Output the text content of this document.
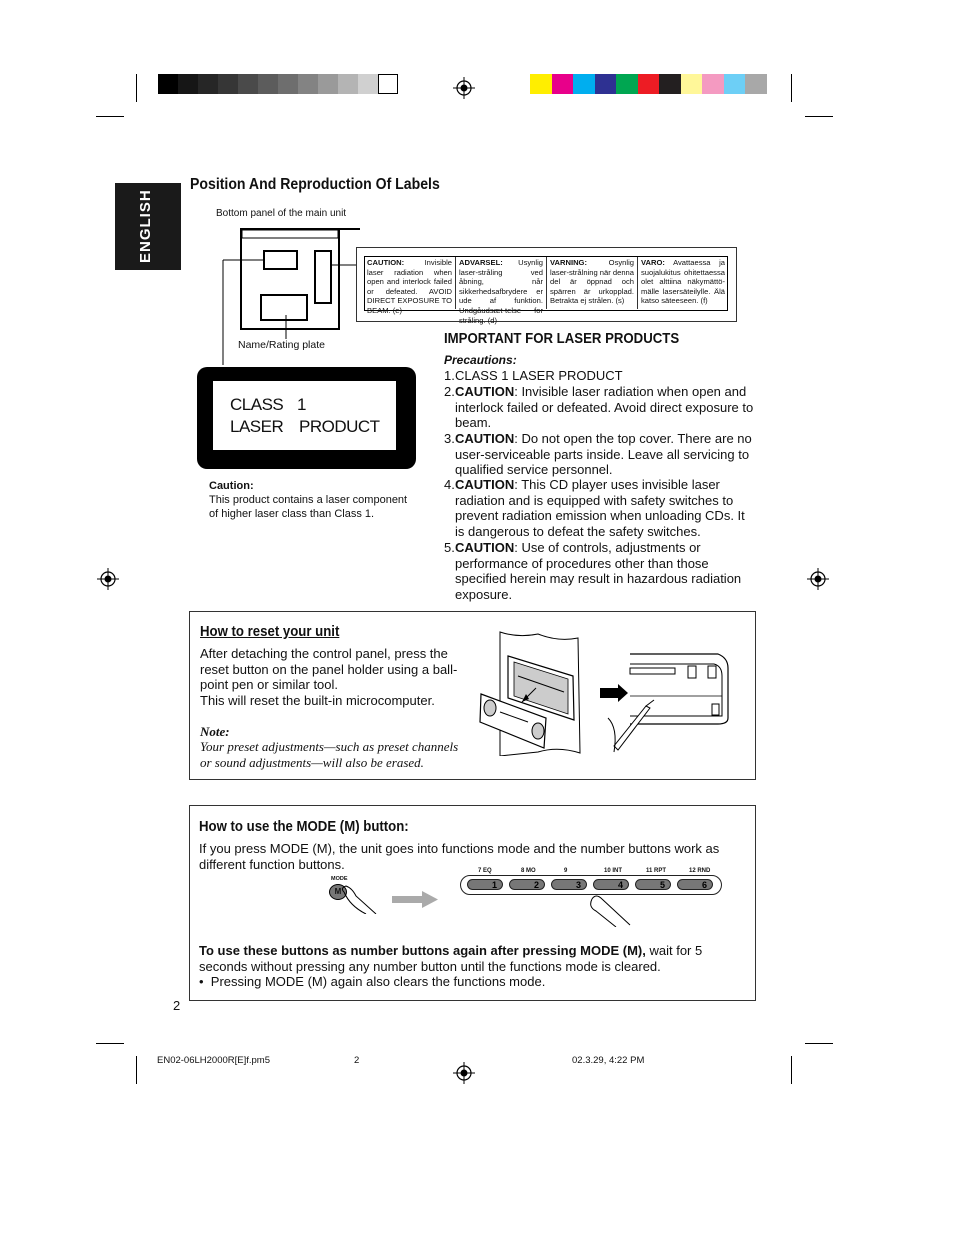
ENGLISH
Position And Reproduction Of Labels
Bottom panel of the main unit
Name/Rating plate
CAUTION:	Invisible laser radiation when open and interlock failed or defeated. AVOID DIRECT EXPOSURE TO BEAM. (e)
ADVARSEL: Usynlig laser-stråling ved åbning, når sikkerhedsafbrydere er ude af funktion. Undgåudsæt-telse for stråling. (d)
VARNING:	Osynlig laser-strålning när denna del är öppnad och spärren är urkopplad. Betrakta ej strålen. (s)
VARO: Avattaessa ja suojalukitus ohitettaessa olet alttiina näkymättö-mälle lasersäteilylle. Älä katso säteeseen. (f)
CLASS 1
LASER PRODUCT
Caution:
This product contains a laser component of higher laser class than Class 1.
IMPORTANT FOR LASER PRODUCTS
Precautions:
1. CLASS 1 LASER PRODUCT
2. CAUTION: Invisible laser radiation when open and interlock failed or defeated. Avoid direct exposure to beam.
3. CAUTION: Do not open the top cover. There are no user-serviceable parts inside. Leave all servicing to qualified service personnel.
4. CAUTION: This CD player uses invisible laser radiation and is equipped with safety switches to prevent radiation emission when unloading CDs. It is dangerous to defeat the safety switches.
5. CAUTION: Use of controls, adjustments or performance of procedures other than those specified herein may result in hazardous radiation exposure.
How to reset your unit
After detaching the control panel, press the reset button on the panel holder using a ball-point pen or similar tool.
This will reset the built-in microcomputer.
Note:
Your preset adjustments—such as preset channels or sound adjustments—will also be erased.
How to use the MODE (M) button:
If you press MODE (M), the unit goes into functions mode and the number buttons work as different function buttons.
MODE
M
7 EQ	8 MO	9	10 INT	11 RPT	12 RND
1	2	3	4	5	6
To use these buttons as number buttons again after pressing MODE (M), wait for 5 seconds without pressing any number button until the functions mode is cleared.
•  Pressing MODE (M) again also clears the functions mode.
2
EN02-06LH2000R[E]f.pm5	2	02.3.29, 4:22 PM
